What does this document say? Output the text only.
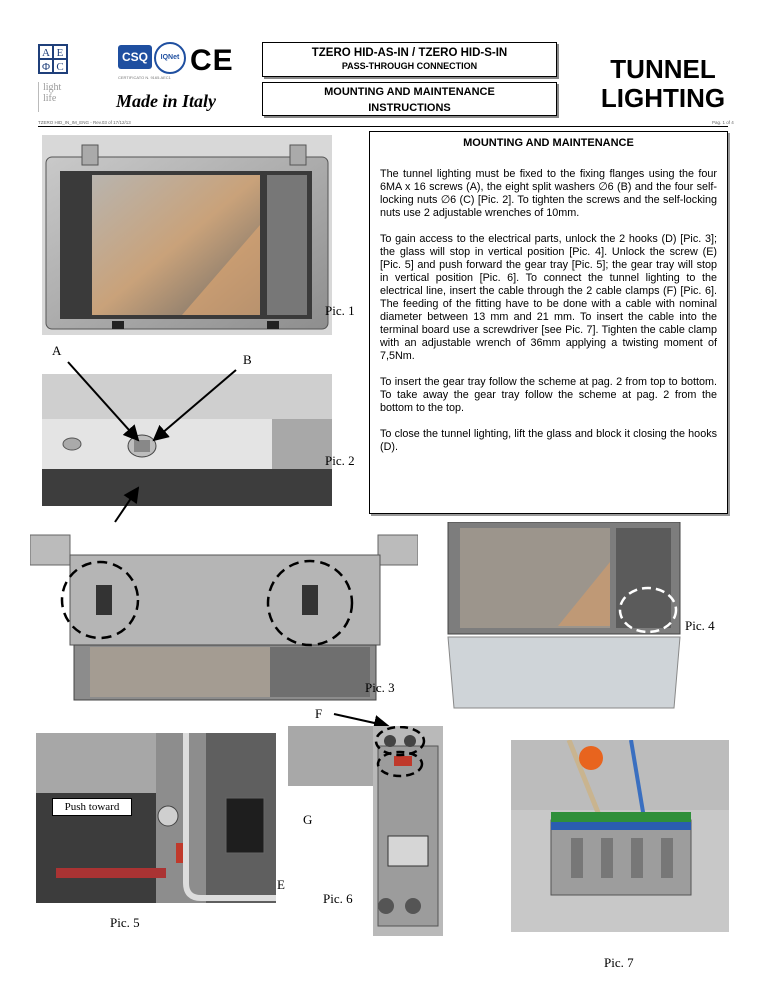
A E
Φ C
light
life
CSQ	IQNet CE
CERTIFICATO N. 9165.AEC1
Made in Italy
TZERO HID-AS-IN / TZERO HID-S-IN
PASS-THROUGH CONNECTION
MOUNTING AND MAINTENANCE
INSTRUCTIONS
TUNNEL
LIGHTING
TZERO HID_IN_IM_ENG - Rev.03 of 17/12/13	Pag. 1 of 4
MOUNTING AND MAINTENANCE

The tunnel lighting must be fixed to the fixing flanges using the four 6MA x 16 screws (A), the eight split washers ∅6 (B) and the four self-locking nuts ∅6 (C) [Pic. 2]. To tighten the screws and the self-locking nuts use 2 adjustable wrenches of 10mm.

To gain access to the electrical parts, unlock the 2 hooks (D) [Pic. 3]; the glass will stop in vertical position [Pic. 4]. Unlock the screw (E) [Pic. 5] and push forward the gear tray [Pic. 5]; the gear tray will stop in vertical position [Pic. 6]. To connect the tunnel lighting to the electrical line, insert the cable through the 2 cable clamps (F) [Pic. 6]. The feeding of the fitting have to be done with a cable with nominal diameter between 13 mm and 21 mm. To insert the cable into the terminal board use a screwdriver [see Pic. 7]. Tighten the cable clamp with an adjustable wrench of 36mm applying a twisting moment of 7,5Nm.

To insert the gear tray follow the scheme at pag. 2 from top to bottom. To take away the gear tray follow the scheme at pag. 2 from the bottom to the top.

To close the tunnel lighting, lift the glass and block it closing the hooks (D).

Pic. 1
A
B
Pic. 2
Pic. 3
Pic. 4
Push toward
E
Pic. 5
F
G
Pic. 6
Pic. 7
